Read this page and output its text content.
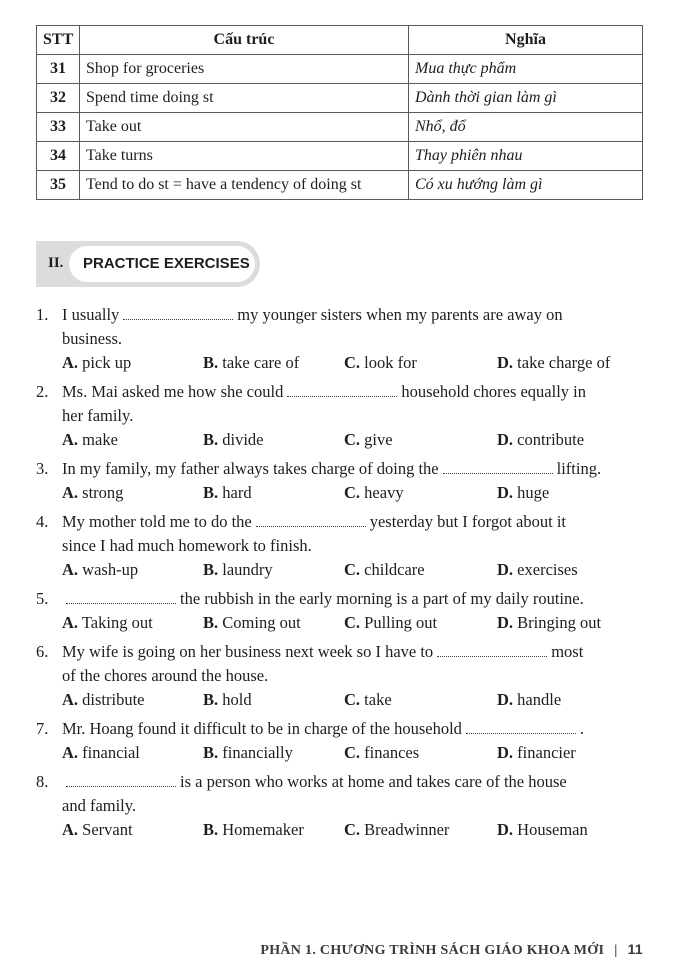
STT	Cấu trúc	Nghĩa
31	Shop for groceries	Mua thực phẩm
32	Spend time doing st	Dành thời gian làm gì
33	Take out	Nhổ, đổ
34	Take turns	Thay phiên nhau
35	Tend to do st = have a tendency of doing st	Có xu hướng làm gì
II.	PRACTICE EXERCISES
1. I usually	my younger sisters when my parents are away on
business.
A. pick up	B. take care of	C. look for	D. take charge of
2. Ms. Mai asked me how she could	household chores equally in
her family.
A. make	B. divide	C. give	D. contribute
3. In my family, my father always takes charge of doing the	lifting.
A. strong	B. hard	C. heavy	D. huge
4. My mother told me to do the	yesterday but I forgot about it
since I had much homework to finish.
A. wash-up	B. laundry	C. childcare	D. exercises
5.	the rubbish in the early morning is a part of my daily routine.
A. Taking out	B. Coming out	C. Pulling out	D. Bringing out
6. My wife is going on her business next week so I have to	most
of the chores around the house.
A. distribute	B. hold	C. take	D. handle
7. Mr. Hoang found it difficult to be in charge of the household	.
A. financial	B. financially	C. finances	D. financier
8.	is a person who works at home and takes care of the house
and family.
A. Servant	B. Homemaker C. Breadwinner	D. Houseman
PHẦN 1. CHƯƠNG TRÌNH SÁCH GIÁO KHOA MỚI | 11
